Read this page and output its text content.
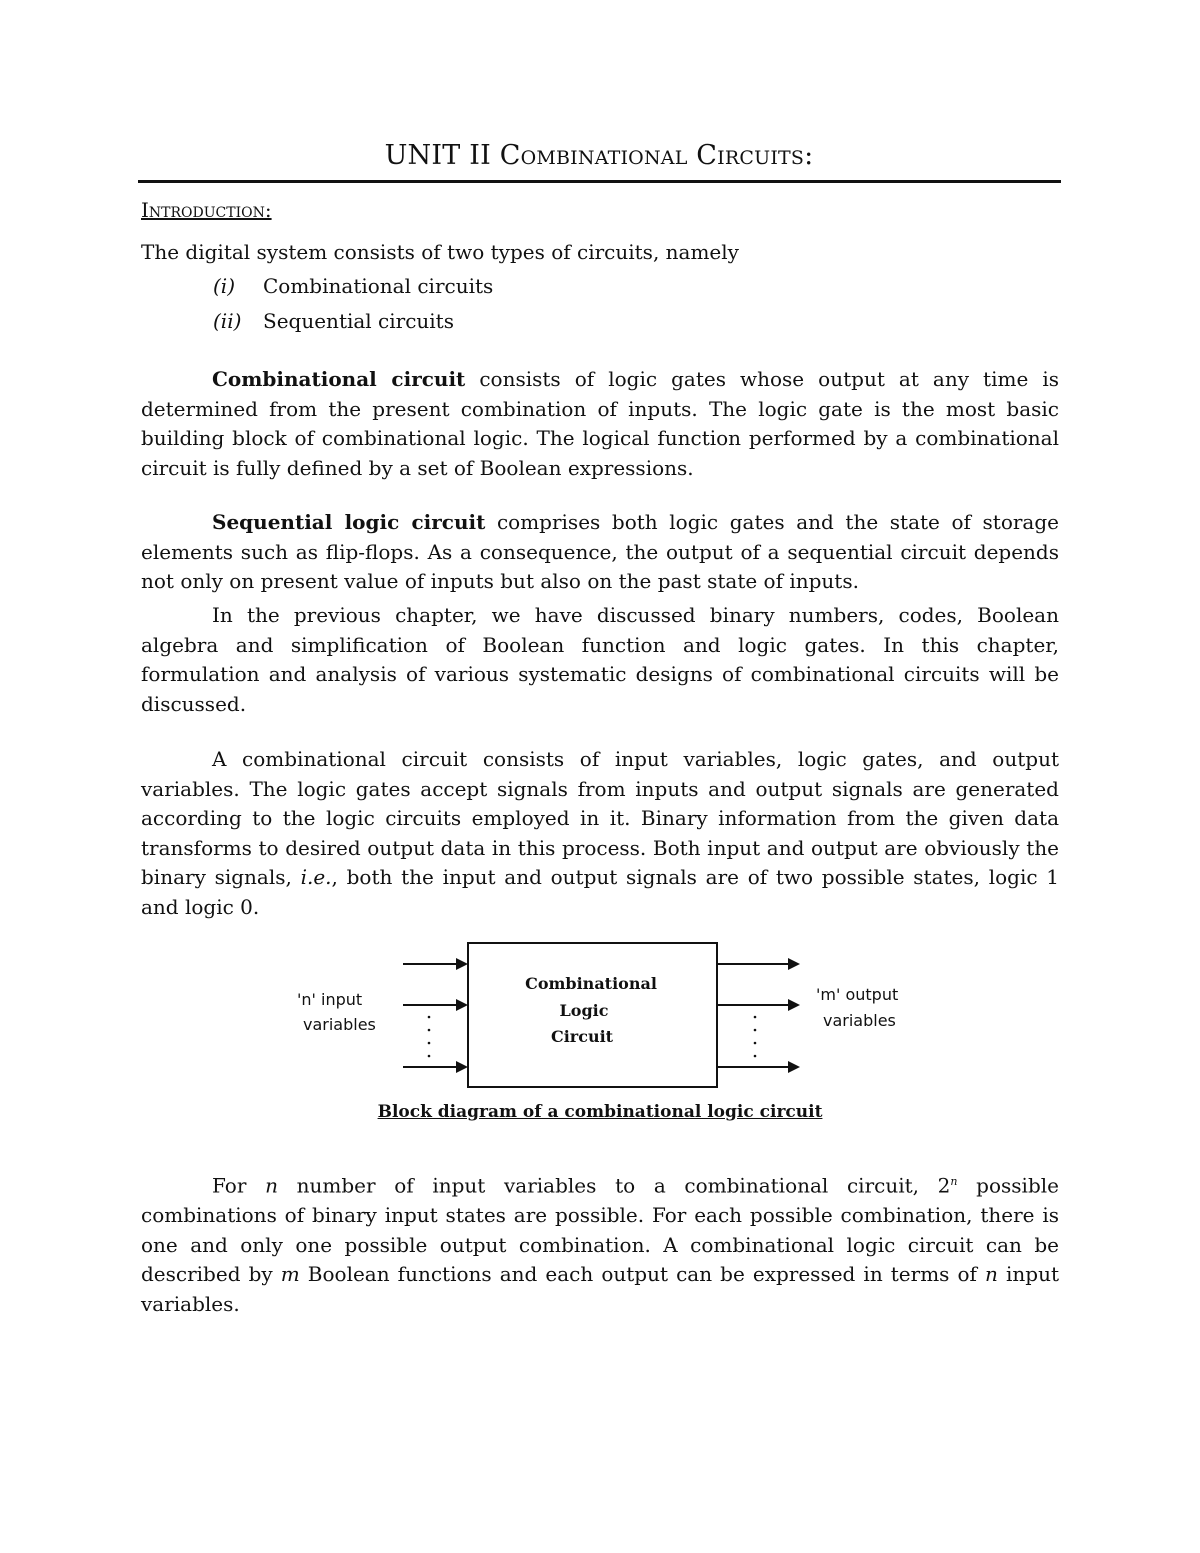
UNIT II Combinational Circuits:
Introduction:
The digital system consists of two types of circuits, namely
(i) Combinational circuits
(ii) Sequential circuits
Combinational circuit consists of logic gates whose output at any time is determined from the present combination of inputs. The logic gate is the most basic building block of combinational logic. The logical function performed by a combinational circuit is fully defined by a set of Boolean expressions.
Sequential logic circuit comprises both logic gates and the state of storage elements such as flip-flops. As a consequence, the output of a sequential circuit depends not only on present value of inputs but also on the past state of inputs.
In the previous chapter, we have discussed binary numbers, codes, Boolean algebra and simplification of Boolean function and logic gates. In this chapter, formulation and analysis of various systematic designs of combinational circuits will be discussed.
A combinational circuit consists of input variables, logic gates, and output variables. The logic gates accept signals from inputs and output signals are generated according to the logic circuits employed in it. Binary information from the given data transforms to desired output data in this process. Both input and output are obviously the binary signals, i.e., both the input and output signals are of two possible states, logic 1 and logic 0.
Combinational
Logic
Circuit
'n' input
variables
'm' output
variables
Block diagram of a combinational logic circuit
For n number of input variables to a combinational circuit, 2$^n$ possible combinations of binary input states are possible. For each possible combination, there is one and only one possible output combination. A combinational logic circuit can be described by m Boolean functions and each output can be expressed in terms of n input variables.
